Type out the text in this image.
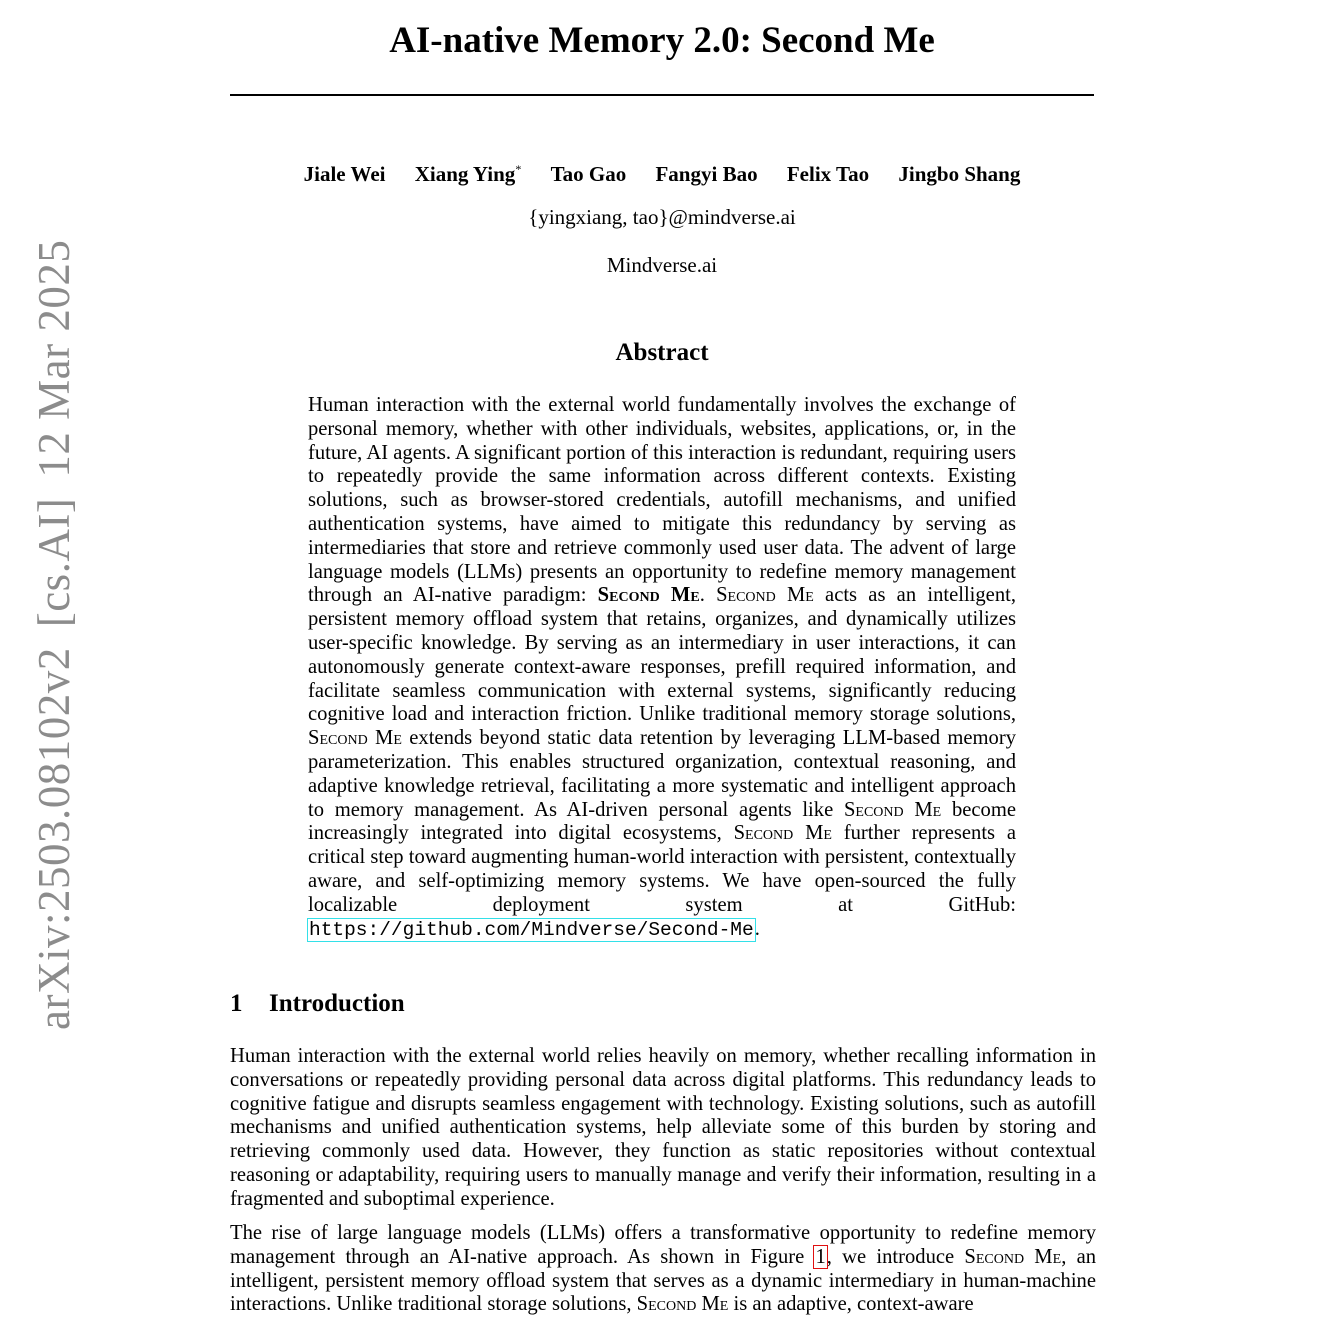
arXiv:2503.08102v2[cs.AI]12 Mar 2025
AI-native Memory 2.0: Second Me
Jiale Wei Xiang Ying* Tao Gao Fangyi Bao Felix Tao Jingbo Shang
{yingxiang, tao}@mindverse.ai
Mindverse.ai
Abstract
Human interaction with the external world fundamentally involves the exchange of personal memory, whether with other individuals, websites, applications, or, in the future, AI agents. A significant portion of this interaction is redundant, requiring users to repeatedly provide the same information across different contexts. Existing solutions, such as browser-stored credentials, autofill mechanisms, and unified authentication systems, have aimed to mitigate this redundancy by serving as intermediaries that store and retrieve commonly used user data. The advent of large language models (LLMs) presents an opportunity to redefine memory management through an AI-native paradigm: Second Me. Second Me acts as an intelligent, persistent memory offload system that retains, organizes, and dynamically utilizes user-specific knowledge. By serving as an intermediary in user interactions, it can autonomously generate context-aware responses, prefill required information, and facilitate seamless communication with external systems, significantly reducing cognitive load and interaction friction. Unlike traditional memory storage solutions, Second Me extends beyond static data retention by leveraging LLM-based memory parameterization. This enables structured organization, contextual reasoning, and adaptive knowledge retrieval, facilitating a more systematic and intelligent approach to memory management. As AI-driven personal agents like Second Me become increasingly integrated into digital ecosystems, Second Me further represents a critical step toward augmenting human-world interaction with persistent, contextually aware, and self-optimizing memory systems. We have open-sourced the fully localizable deployment system at GitHub: https://github.com/Mindverse/Second-Me.
1 Introduction
Human interaction with the external world relies heavily on memory, whether recalling information in conversations or repeatedly providing personal data across digital platforms. This redundancy leads to cognitive fatigue and disrupts seamless engagement with technology. Existing solutions, such as autofill mechanisms and unified authentication systems, help alleviate some of this burden by storing and retrieving commonly used data. However, they function as static repositories without contextual reasoning or adaptability, requiring users to manually manage and verify their information, resulting in a fragmented and suboptimal experience.
The rise of large language models (LLMs) offers a transformative opportunity to redefine memory management through an AI-native approach. As shown in Figure 1, we introduce Second Me, an intelligent, persistent memory offload system that serves as a dynamic intermediary in human-machine interactions. Unlike traditional storage solutions, Second Me is an adaptive, context-aware
